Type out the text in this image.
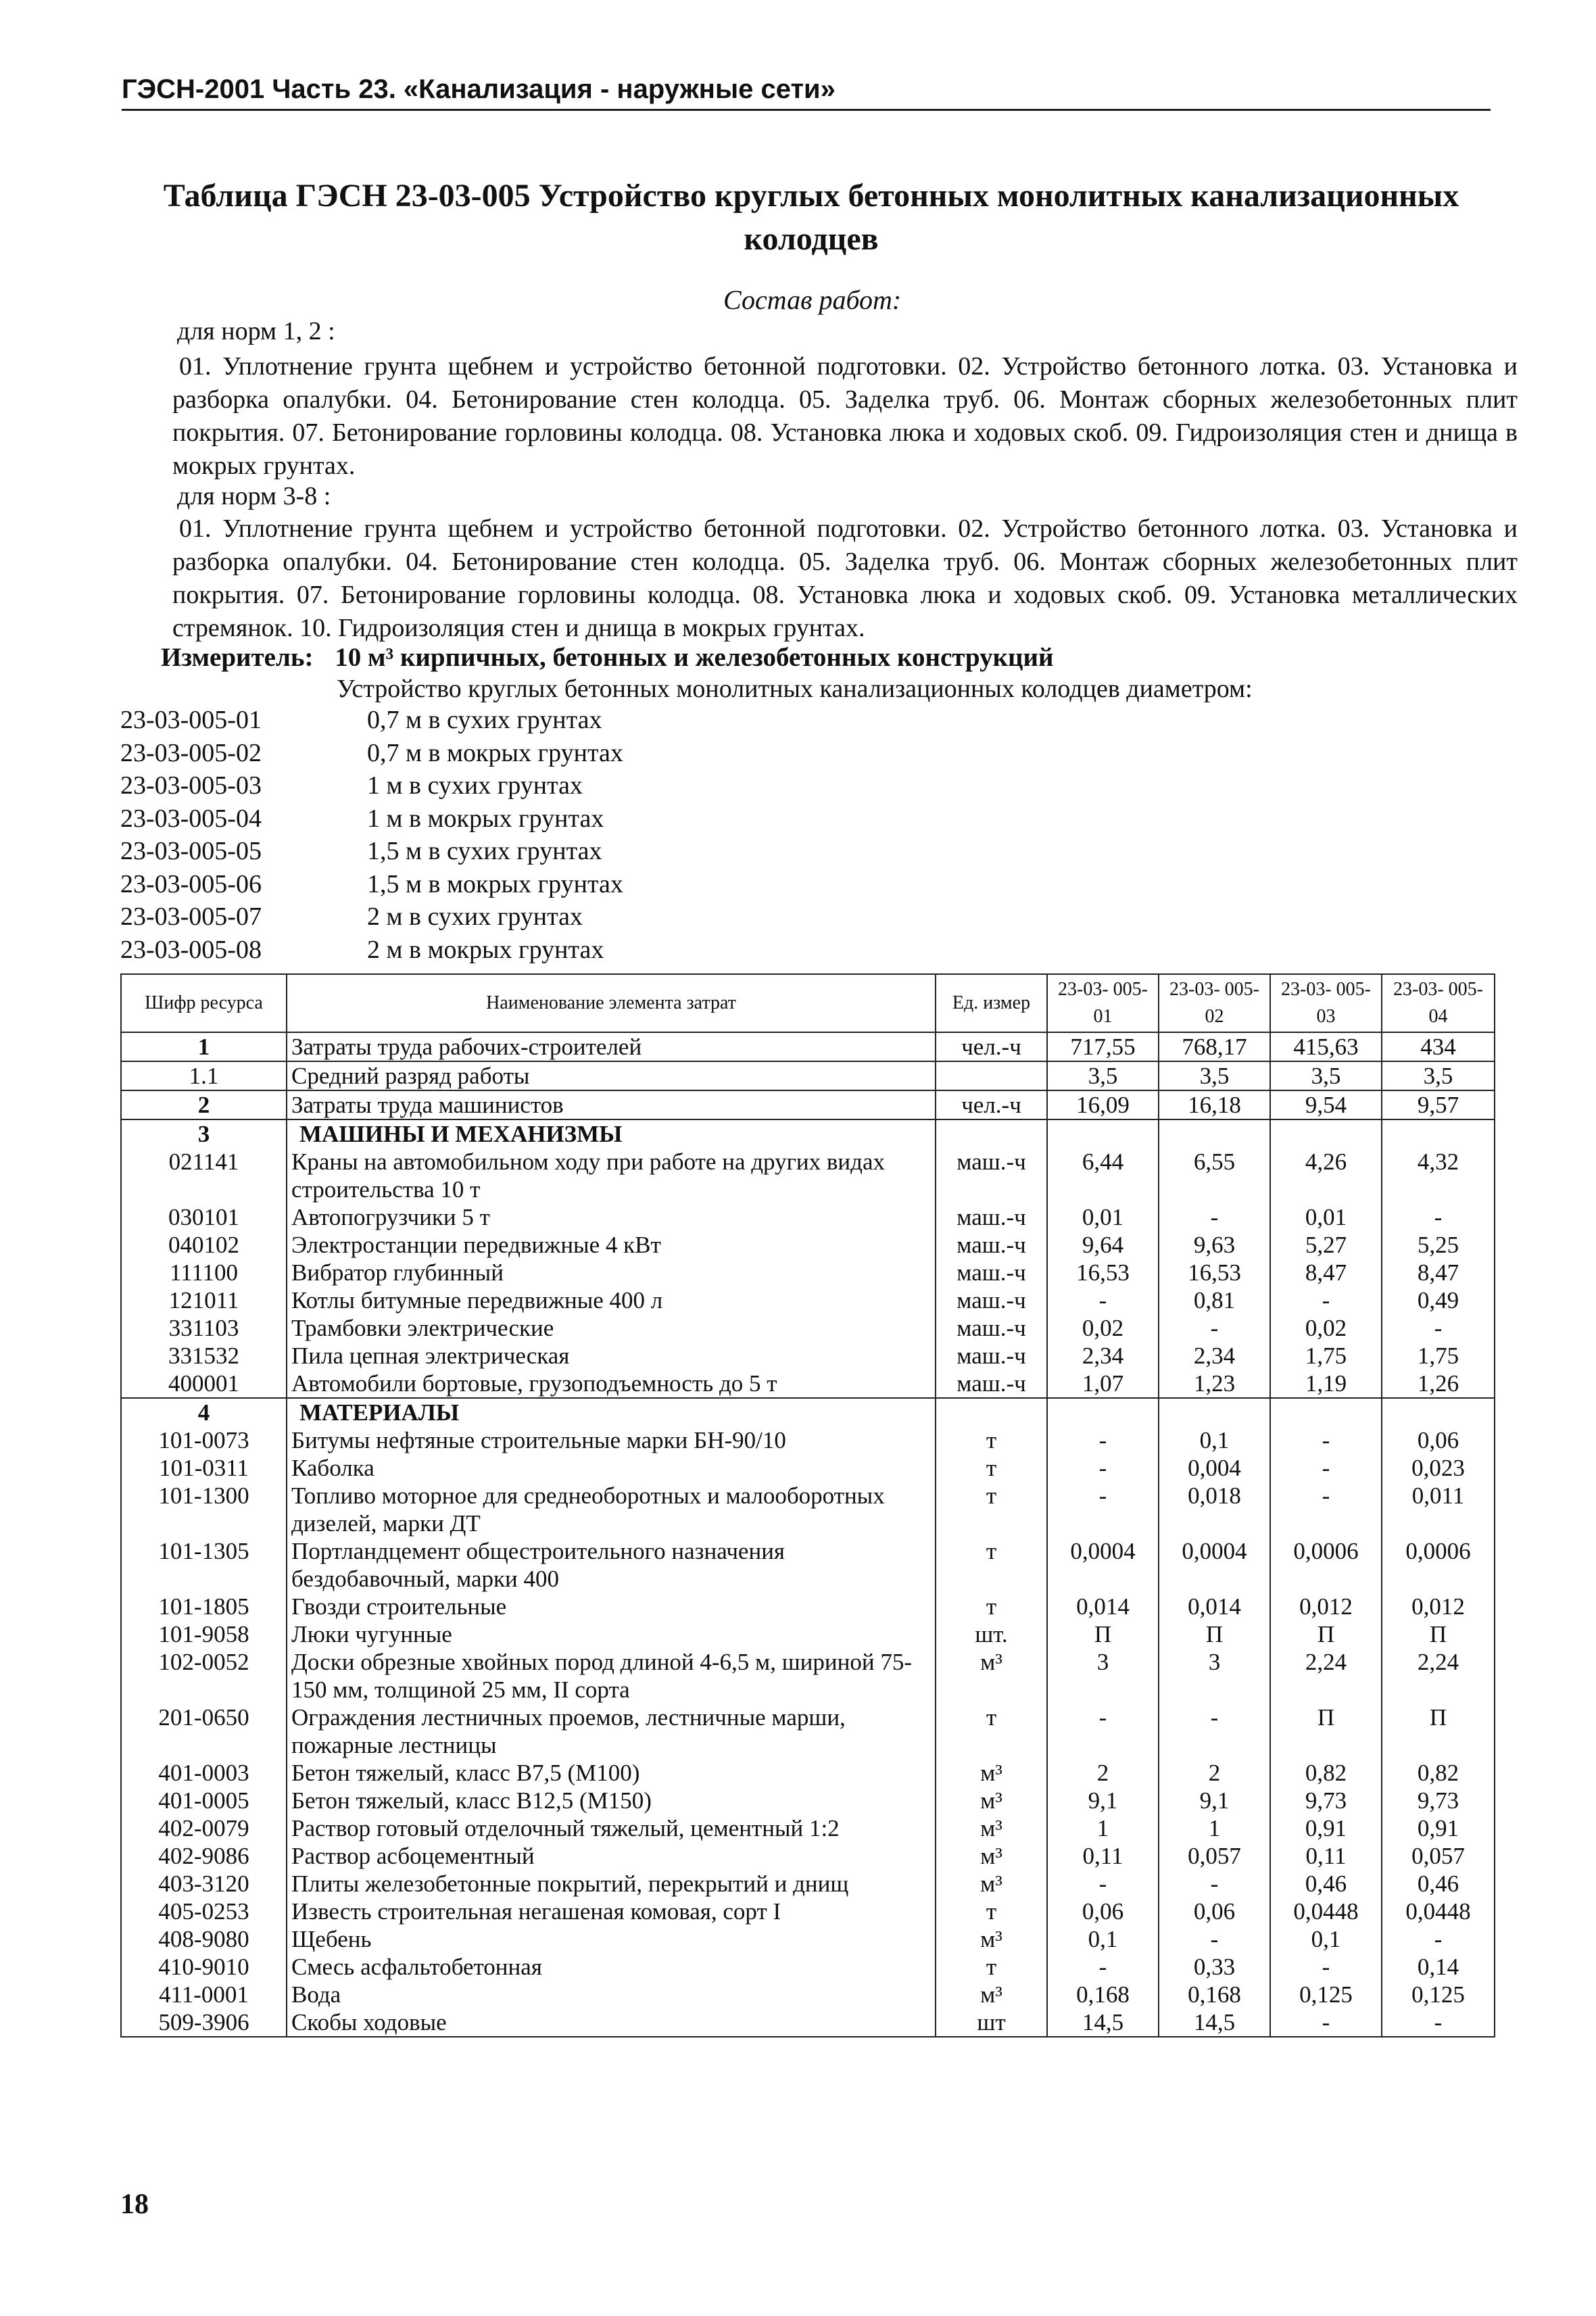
ГЭСН-2001 Часть 23. «Канализация - наружные сети»
Таблица ГЭСН 23-03-005 Устройство круглых бетонных монолитных канализационных
колодцев
Состав работ:
для норм 1, 2 :
01. Уплотнение грунта щебнем и устройство бетонной подготовки. 02. Устройство бетонного лотка. 03. Установка и разборка опалубки. 04. Бетонирование стен колодца. 05. Заделка труб. 06. Монтаж сборных железобетонных плит покрытия. 07. Бетонирование горловины колодца. 08. Установка люка и ходовых скоб. 09. Гидроизоляция стен и днища в мокрых грунтах.
для норм 3-8 :
01. Уплотнение грунта щебнем и устройство бетонной подготовки. 02. Устройство бетонного лотка. 03. Установка и разборка опалубки. 04. Бетонирование стен колодца. 05. Заделка труб. 06. Монтаж сборных железобетонных плит покрытия. 07. Бетонирование горловины колодца. 08. Установка люка и ходовых скоб. 09. Установка металлических стремянок. 10. Гидроизоляция стен и днища в мокрых грунтах.
Измеритель: 10 м³ кирпичных, бетонных и железобетонных конструкций
Устройство круглых бетонных монолитных канализационных колодцев диаметром:
23-03-005-01	0,7 м в сухих грунтах
23-03-005-02	0,7 м в мокрых грунтах
23-03-005-03	1 м в сухих грунтах
23-03-005-04	1 м в мокрых грунтах
23-03-005-05	1,5 м в сухих грунтах
23-03-005-06	1,5 м в мокрых грунтах
23-03-005-07	2 м в сухих грунтах
23-03-005-08	2 м в мокрых грунтах
Шифр ресурса	Наименование элемента затрат	Ед. измер	23-03- 005-01	23-03- 005-02	23-03- 005-03	23-03- 005-04
1	Затраты труда рабочих-строителей	чел.-ч	717,55	768,17	415,63	434
1.1	Средний разряд работы		3,5	3,5	3,5	3,5
2	Затраты труда машинистов	чел.-ч	16,09	16,18	9,54	9,57
3	МАШИНЫ И МЕХАНИЗМЫ					
021141	Краны на автомобильном ходу при работе на других видах строительства 10 т	маш.-ч	6,44	6,55	4,26	4,32
030101	Автопогрузчики 5 т	маш.-ч	0,01	-	0,01	-
040102	Электростанции передвижные 4 кВт	маш.-ч	9,64	9,63	5,27	5,25
111100	Вибратор глубинный	маш.-ч	16,53	16,53	8,47	8,47
121011	Котлы битумные передвижные 400 л	маш.-ч	-	0,81	-	0,49
331103	Трамбовки электрические	маш.-ч	0,02	-	0,02	-
331532	Пила цепная электрическая	маш.-ч	2,34	2,34	1,75	1,75
400001	Автомобили бортовые, грузоподъемность до 5 т	маш.-ч	1,07	1,23	1,19	1,26
4	МАТЕРИАЛЫ					
101-0073	Битумы нефтяные строительные марки БН-90/10	т	-	0,1	-	0,06
101-0311	Каболка	т	-	0,004	-	0,023
101-1300	Топливо моторное для среднеоборотных и малооборотных дизелей, марки ДТ	т	-	0,018	-	0,011
101-1305	Портландцемент общестроительного назначения бездобавочный, марки 400	т	0,0004	0,0004	0,0006	0,0006
101-1805	Гвозди строительные	т	0,014	0,014	0,012	0,012
101-9058	Люки чугунные	шт.	П	П	П	П
102-0052	Доски обрезные хвойных пород длиной 4-6,5 м, шириной 75-150 мм, толщиной 25 мм, II сорта	м³	3	3	2,24	2,24
201-0650	Ограждения лестничных проемов, лестничные марши, пожарные лестницы	т	-	-	П	П
401-0003	Бетон тяжелый, класс В7,5 (М100)	м³	2	2	0,82	0,82
401-0005	Бетон тяжелый, класс В12,5 (М150)	м³	9,1	9,1	9,73	9,73
402-0079	Раствор готовый отделочный тяжелый, цементный 1:2	м³	1	1	0,91	0,91
402-9086	Раствор асбоцементный	м³	0,11	0,057	0,11	0,057
403-3120	Плиты железобетонные покрытий, перекрытий и днищ	м³	-	-	0,46	0,46
405-0253	Известь строительная негашеная комовая, сорт I	т	0,06	0,06	0,0448	0,0448
408-9080	Щебень	м³	0,1	-	0,1	-
410-9010	Смесь асфальтобетонная	т	-	0,33	-	0,14
411-0001	Вода	м³	0,168	0,168	0,125	0,125
509-3906	Скобы ходовые	шт	14,5	14,5	-	-
18
